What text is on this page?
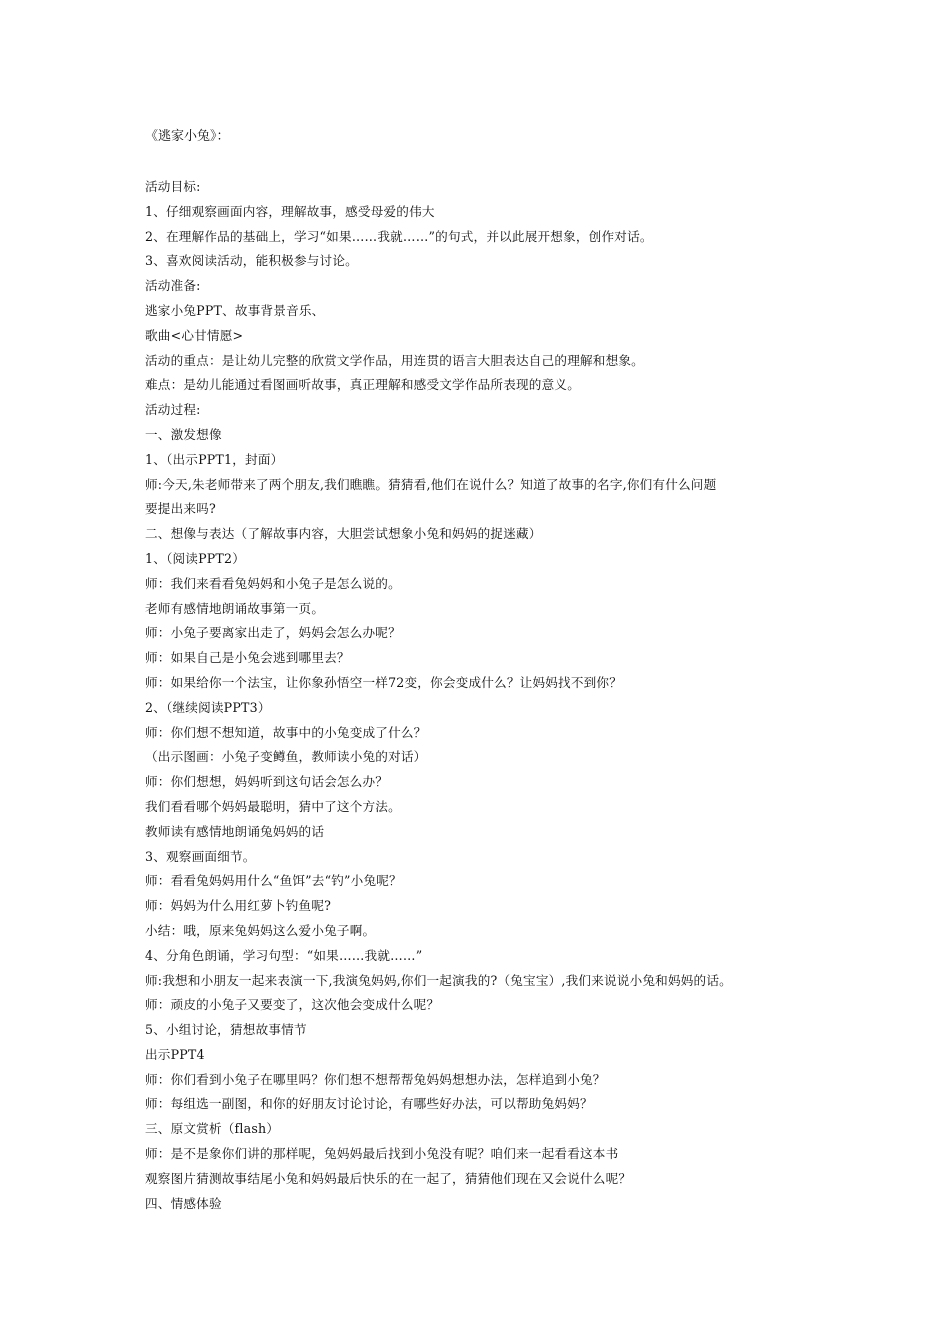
《逃家小兔》：
活动目标:
1、仔细观察画面内容，理解故事，感受母爱的伟大
2、在理解作品的基础上，学习“如果……我就……”的句式，并以此展开想象，创作对话。
3、喜欢阅读活动，能积极参与讨论。
活动准备:
逃家小兔PPT、故事背景音乐、
歌曲<心甘情愿>
活动的重点：是让幼儿完整的欣赏文学作品，用连贯的语言大胆表达自己的理解和想象。
难点：是幼儿能通过看图画听故事，真正理解和感受文学作品所表现的意义。
活动过程:
一、激发想像
1、（出示PPT1，封面）
师:今天,朱老师带来了两个朋友,我们瞧瞧。猜猜看,他们在说什么？知道了故事的名字,你们有什么问题
要提出来吗?
二、想像与表达（了解故事内容，大胆尝试想象小兔和妈妈的捉迷藏）
1、（阅读PPT2）
师：我们来看看兔妈妈和小兔子是怎么说的。
老师有感情地朗诵故事第一页。
师：小兔子要离家出走了，妈妈会怎么办呢？
师：如果自己是小兔会逃到哪里去？
师：如果给你一个法宝，让你象孙悟空一样72变，你会变成什么？让妈妈找不到你？
2、（继续阅读PPT3）
师：你们想不想知道，故事中的小兔变成了什么？
（出示图画：小兔子变鳟鱼，教师读小兔的对话）
师：你们想想，妈妈听到这句话会怎么办？
我们看看哪个妈妈最聪明，猜中了这个方法。
教师读有感情地朗诵兔妈妈的话
3、观察画面细节。
师：看看兔妈妈用什么“鱼饵”去“钓”小兔呢？
师：妈妈为什么用红萝卜钓鱼呢?
小结：哦，原来兔妈妈这么爱小兔子啊。
4、分角色朗诵，学习句型：“如果……我就……”
师:我想和小朋友一起来表演一下,我演兔妈妈,你们一起演我的?（兔宝宝）,我们来说说小兔和妈妈的话。
师：顽皮的小兔子又要变了，这次他会变成什么呢？
5、小组讨论，猜想故事情节
出示PPT4
师：你们看到小兔子在哪里吗？你们想不想帮帮兔妈妈想想办法，怎样追到小兔？
师：每组选一副图，和你的好朋友讨论讨论，有哪些好办法，可以帮助兔妈妈？
三、原文赏析（flash）
师：是不是象你们讲的那样呢，兔妈妈最后找到小兔没有呢？咱们来一起看看这本书
观察图片猜测故事结尾小兔和妈妈最后快乐的在一起了，猜猜他们现在又会说什么呢？
四、情感体验
